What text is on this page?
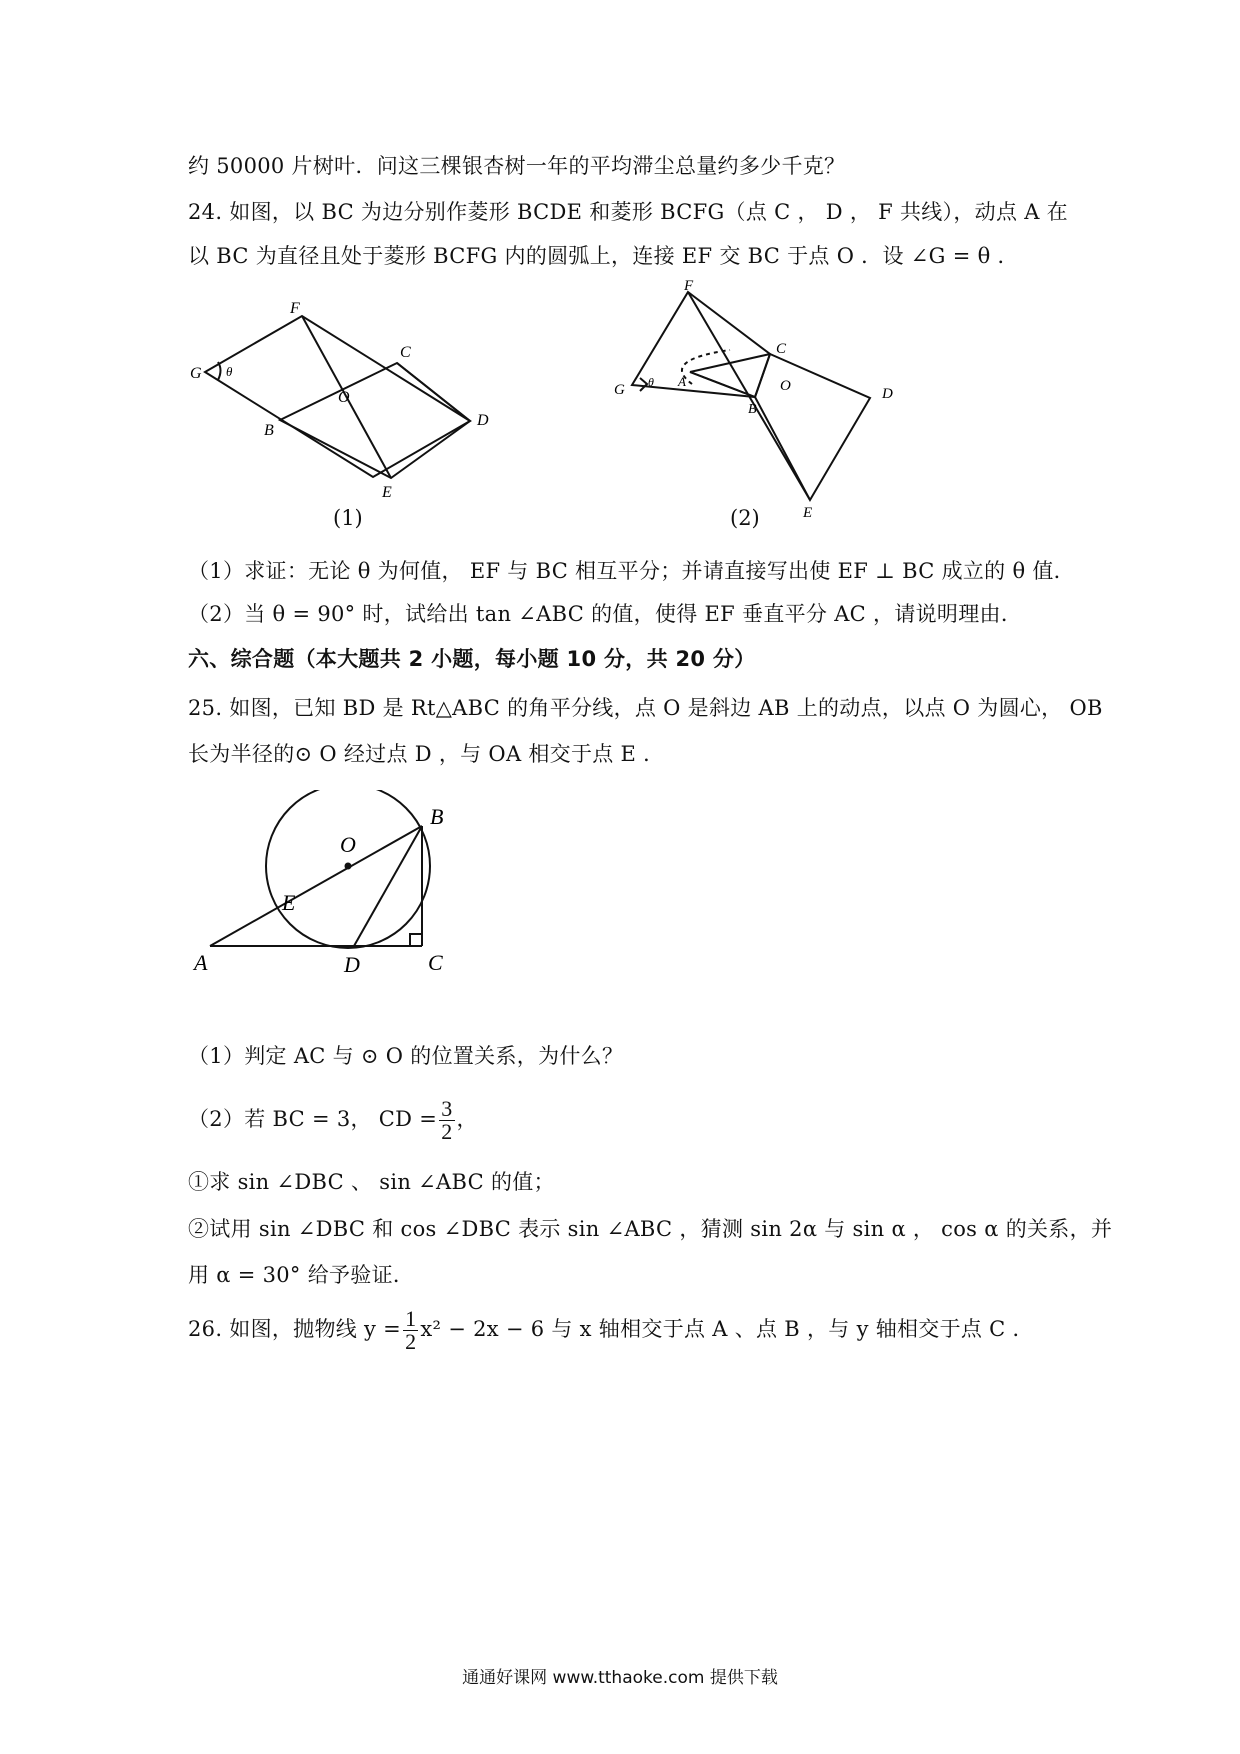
约 50000 片树叶．问这三棵银杏树一年的平均滞尘总量约多少千克？
24. 如图，以 BC 为边分别作菱形 BCDE 和菱形 BCFG（点 C ， D ， F 共线），动点 A 在
以 BC 为直径且处于菱形 BCFG 内的圆弧上，连接 EF 交 BC 于点 O ．设 ∠G = θ ．
F
C
G θ
O
B
D
E
(1)
F
C
G θ A	O	D
B
E
(2)
（1）求证：无论 θ 为何值， EF 与 BC 相互平分；并请直接写出使 EF ⊥ BC 成立的 θ 值．
（2）当 θ = 90° 时，试给出 tan ∠ABC 的值，使得 EF 垂直平分 AC ，请说明理由．
六、综合题（本大题共 2 小题，每小题 10 分，共 20 分）
25. 如图，已知 BD 是 Rt△ABC 的角平分线，点 O 是斜边 AB 上的动点，以点 O 为圆心， OB
长为半径的⊙ O 经过点 D ，与 OA 相交于点 E ．
O
B
E
A	D	C
（1）判定 AC 与 ⊙ O 的位置关系，为什么？
（2）若 BC = 3， CD = $\frac{3}{2}$ ，
①求 sin ∠DBC 、 sin ∠ABC 的值；
②试用 sin ∠DBC 和 cos ∠DBC 表示 sin ∠ABC ，猜测 sin 2α 与 sin α ， cos α 的关系，并
用 α = 30° 给予验证．
26. 如图，抛物线 $y = \frac{1}{2} x^2 - 2x - 6$ 与 x 轴相交于点 A 、点 B ，与 y 轴相交于点 C ．
通通好课网 www.tthaoke.com 提供下载
